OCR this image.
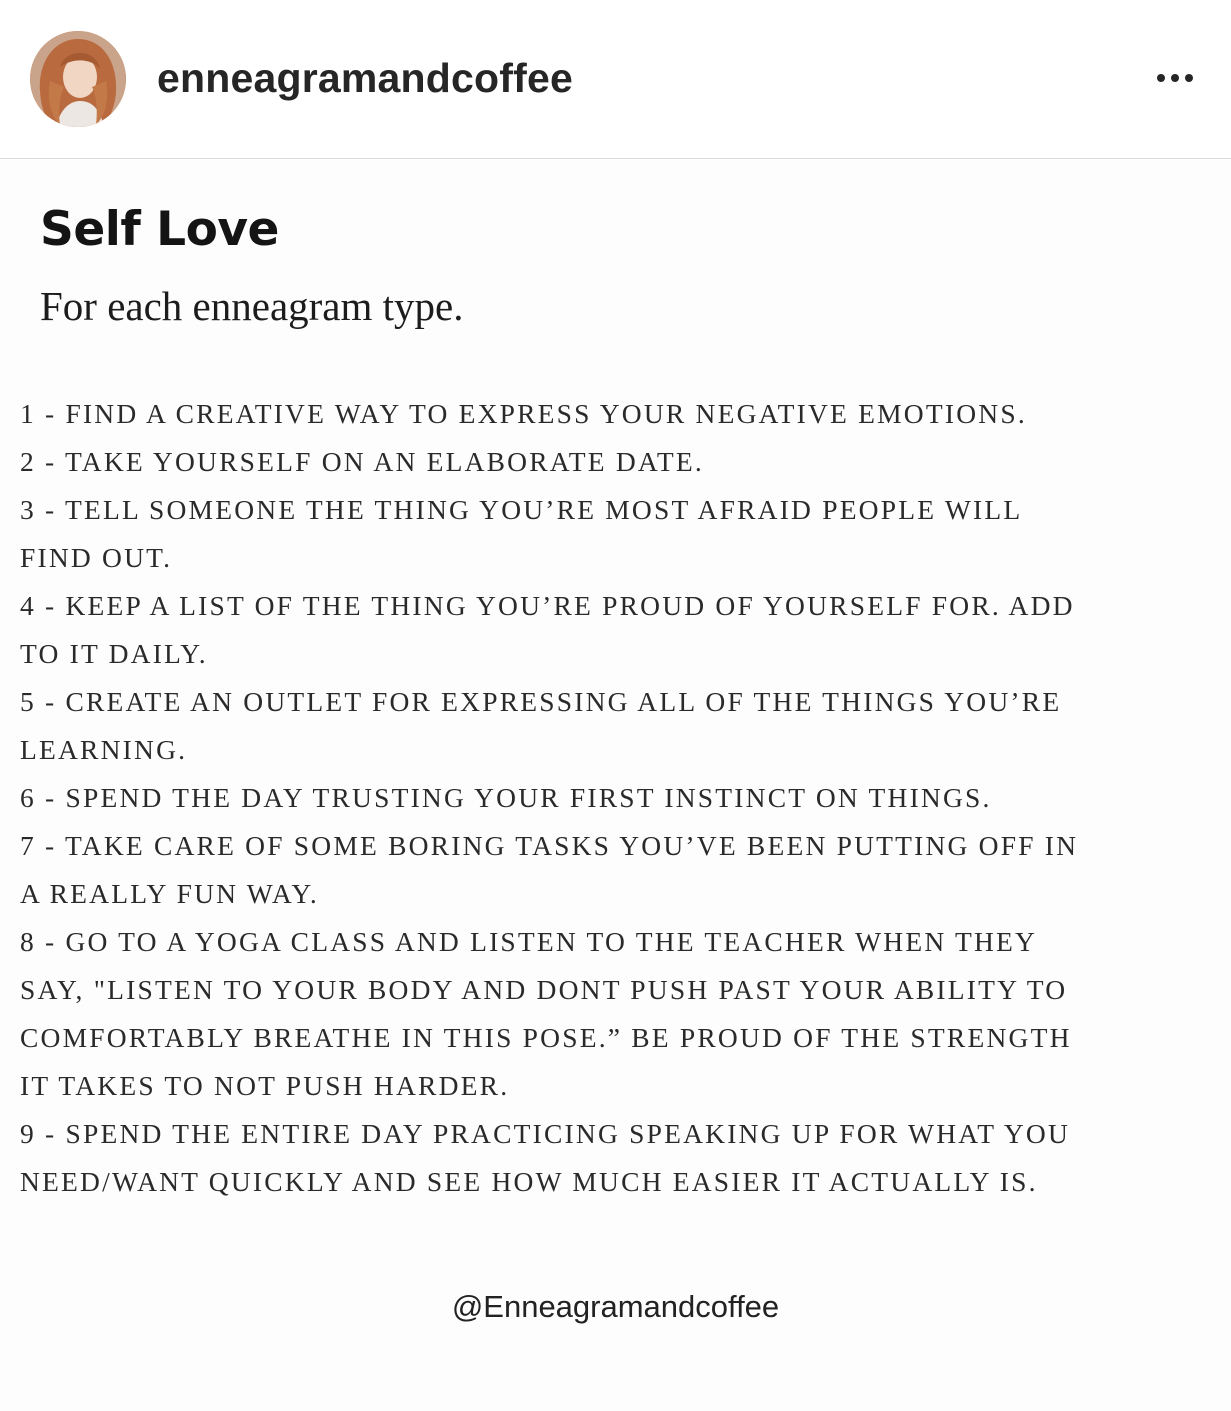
enneagramandcoffee
Self Love
For each enneagram type.
1 - FIND A CREATIVE WAY TO EXPRESS YOUR NEGATIVE EMOTIONS.
2 - TAKE YOURSELF ON AN ELABORATE DATE.
3 - TELL SOMEONE THE THING YOU’RE MOST AFRAID PEOPLE WILL
FIND OUT.
4 - KEEP A LIST OF THE THING YOU’RE PROUD OF YOURSELF FOR. ADD
TO IT DAILY.
5 - CREATE AN OUTLET FOR EXPRESSING ALL OF THE THINGS YOU’RE
LEARNING.
6 - SPEND THE DAY TRUSTING YOUR FIRST INSTINCT ON THINGS.
7 - TAKE CARE OF SOME BORING TASKS YOU’VE BEEN PUTTING OFF IN
A REALLY FUN WAY.
8 - GO TO A YOGA CLASS AND LISTEN TO THE TEACHER WHEN THEY
SAY, "LISTEN TO YOUR BODY AND DONT PUSH PAST YOUR ABILITY TO
COMFORTABLY BREATHE IN THIS POSE.” BE PROUD OF THE STRENGTH
IT TAKES TO NOT PUSH HARDER.
9 - SPEND THE ENTIRE DAY PRACTICING SPEAKING UP FOR WHAT YOU
NEED/WANT QUICKLY AND SEE HOW MUCH EASIER IT ACTUALLY IS.
@Enneagramandcoffee
